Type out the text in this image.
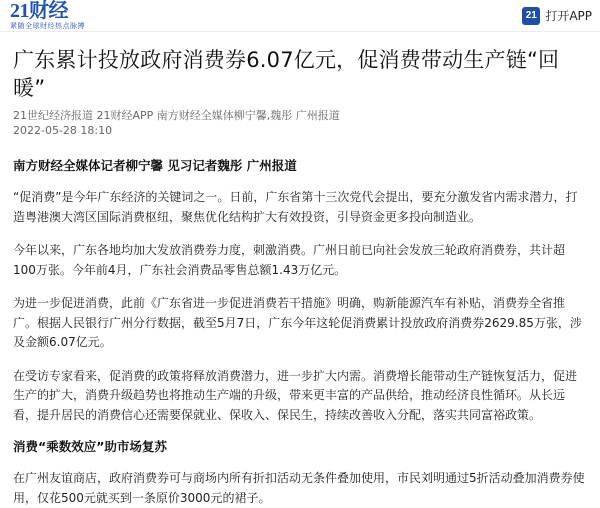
21财经
紧随全球财经热点脉搏
21 打开APP
广东累计投放政府消费券6.07亿元，促消费带动生产链“回暖”
21世纪经济报道 21财经APP 南方财经全媒体柳宁馨,魏彤 广州报道
2022-05-28 18:10
南方财经全媒体记者柳宁馨 见习记者魏彤 广州报道

“促消费”是今年广东经济的关键词之一。日前，广东省第十三次党代会提出，要充分激发省内需求潜力，打造粤港澳大湾区国际消费枢纽，聚焦优化结构扩大有效投资，引导资金更多投向制造业。

今年以来，广东各地均加大发放消费券力度，刺激消费。广州日前已向社会发放三轮政府消费券，共计超100万张。今年前4月，广东社会消费品零售总额1.43万亿元。

为进一步促进消费，此前《广东省进一步促进消费若干措施》明确，购新能源汽车有补贴，消费券全省推广。根据人民银行广州分行数据，截至5月7日，广东今年这轮促消费累计投放政府消费券2629.85万张，涉及金额6.07亿元。

在受访专家看来，促消费的政策将释放消费潜力，进一步扩大内需。消费增长能带动生产链恢复活力，促进生产的扩大，消费升级趋势也将推动生产端的升级，带来更丰富的产品供给，推动经济良性循环。从长远看，提升居民的消费信心还需要保就业、保收入、保民生，持续改善收入分配，落实共同富裕政策。

消费“乘数效应”助市场复苏

在广州友谊商店，政府消费券可与商场内所有折扣活动无条件叠加使用，市民刘明通过5折活动叠加消费券使用，仅花500元就买到一条原价3000元的裙子。
